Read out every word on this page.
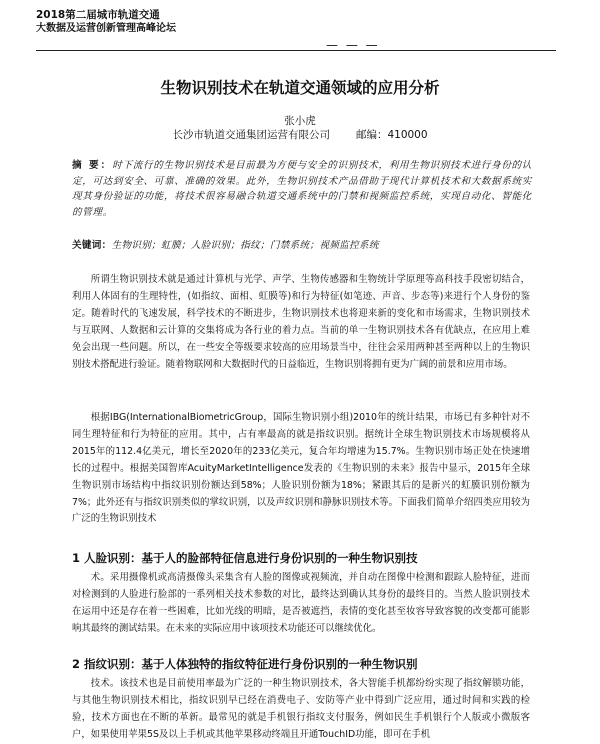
2018第二届城市轨道交通
大数据及运营创新管理高峰论坛
— — —
生物识别技术在轨道交通领域的应用分析
张小虎
长沙市轨道交通集团运营有限公司 邮编：410000
摘 要：时下流行的生物识别技术是目前最为方便与安全的识别技术，利用生物识别技术进行身份的认定，可达到安全、可靠、准确的效果。此外，生物识别技术产品借助于现代计算机技术和大数据系统实现其身份验证的功能，将技术很容易融合轨道交通系统中的门禁和视频监控系统，实现自动化、智能化的管理。
关键词：生物识别；虹膜；人脸识别；指纹；门禁系统；视频监控系统

所谓生物识别技术就是通过计算机与光学、声学、生物传感器和生物统计学原理等高科技手段密切结合，利用人体固有的生理特性，(如指纹、面相、虹膜等)和行为特征(如笔迹、声音、步态等)来进行个人身份的鉴定。随着时代的飞速发展，科学技术的不断进步，生物识别技术也将迎来新的变化和市场需求，生物识别技术与互联网、人数据和云计算的交集将成为各行业的着力点。当前的单一生物识别技术各有优缺点，在应用上难免会出现一些问题。所以，在一些安全等级要求较高的应用场景当中，往往会采用两种甚至两种以上的生物识别技术搭配进行验证。随着物联网和大数据时代的日益临近，生物识别将拥有更为广阔的前景和应用市场。

根据IBG(InternationalBiometricGroup，国际生物识别小组)2010年的统计结果，市场已有多种针对不同生理特征和行为特征的应用。其中，占有率最高的就是指纹识别。据统计全球生物识别技术市场规模将从2015年的112.4亿美元，增长至2020年的233亿美元，复合年均增速为15.7%。生物识别市场正处在快速增长的过程中。根据美国智库AcuityMarketIntelligence发表的《生物识别的未来》报告中显示，2015年全球生物识别市场结构中指纹识别份额达到58%；人脸识别份额为18%；紧跟其后的是新兴的虹膜识别份额为7%；此外还有与指纹识别类似的掌纹识别，以及声纹识别和静脉识别技术等。下面我们简单介绍四类应用较为广泛的生物识别技术

1 人脸识别：基于人的脸部特征信息进行身份识别的一种生物识别技

术。采用摄像机或高清摄像头采集含有人脸的图像或视频流，并自动在图像中检测和跟踪人脸特征，进而对检测到的人脸进行脸部的一系列相关技术参数的对比，最终达到确认其身份的最终目的。当然人脸识别技术在运用中还是存在着一些困难，比如光线的明暗，是否被遮挡，表情的变化甚至妆容导致容貌的改变都可能影响其最终的测试结果。在未来的实际应用中该项技术功能还可以继续优化。

2 指纹识别：基于人体独特的指纹特征进行身份识别的一种生物识别

技术。该技术也是目前使用率最为广泛的一种生物识别技术，各大智能手机都纷纷实现了指纹解锁功能，与其他生物识别技术相比，指纹识别早已经在消费电子、安防等产业中得到广泛应用，通过时间和实践的检验，技术方面也在不断的革新。最常见的就是手机银行指纹支付服务，例如民生手机银行个人版或小微版客户，如果使用苹果5S及以上手机或其他苹果移动终端且开通TouchID功能，即可在手机
